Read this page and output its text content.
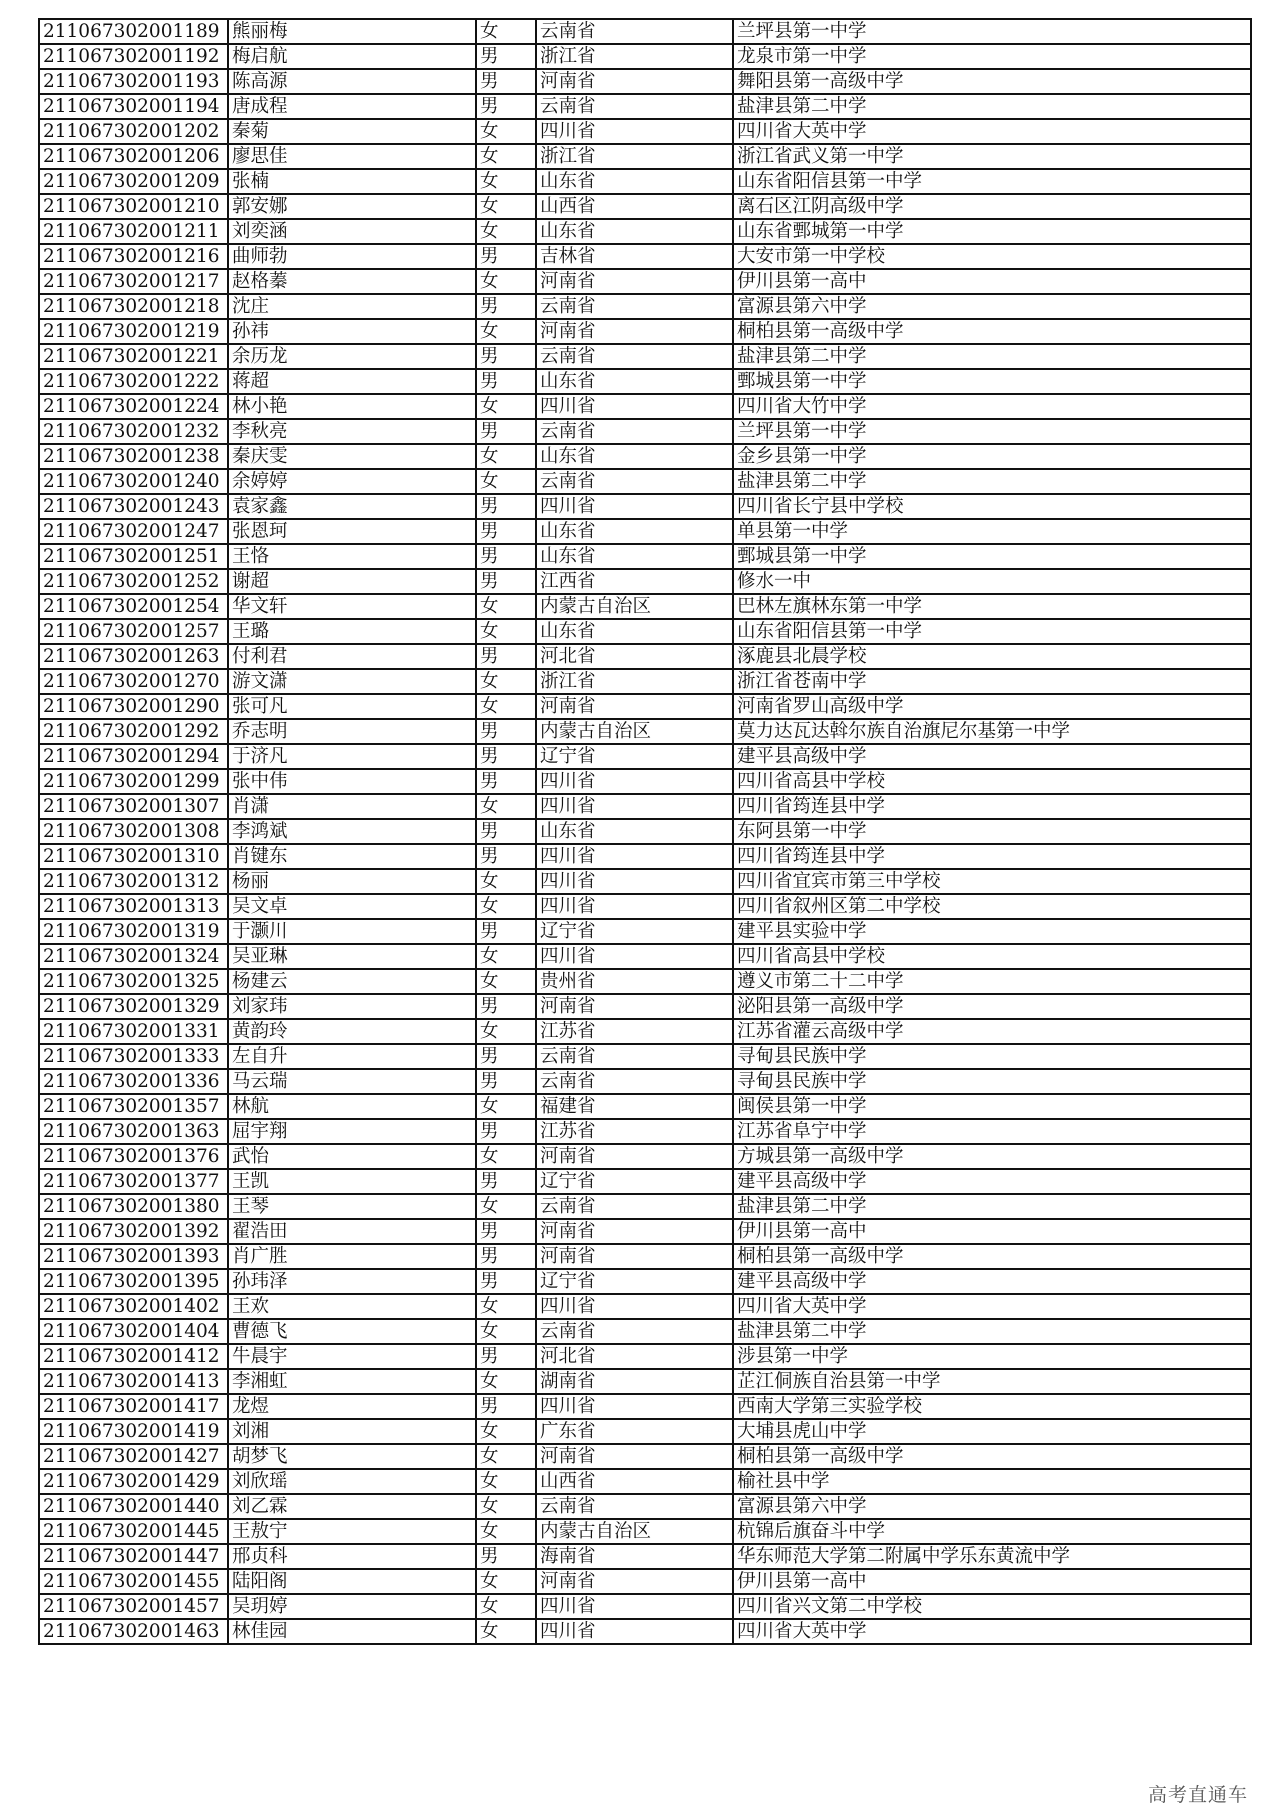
211067302001189	熊丽梅	女	云南省	兰坪县第一中学
211067302001192	梅启航	男	浙江省	龙泉市第一中学
211067302001193	陈高源	男	河南省	舞阳县第一高级中学
211067302001194	唐成程	男	云南省	盐津县第二中学
211067302001202	秦菊	女	四川省	四川省大英中学
211067302001206	廖思佳	女	浙江省	浙江省武义第一中学
211067302001209	张楠	女	山东省	山东省阳信县第一中学
211067302001210	郭安娜	女	山西省	离石区江阴高级中学
211067302001211	刘奕涵	女	山东省	山东省鄄城第一中学
211067302001216	曲师勃	男	吉林省	大安市第一中学校
211067302001217	赵格蓁	女	河南省	伊川县第一高中
211067302001218	沈庄	男	云南省	富源县第六中学
211067302001219	孙祎	女	河南省	桐柏县第一高级中学
211067302001221	余历龙	男	云南省	盐津县第二中学
211067302001222	蒋超	男	山东省	鄄城县第一中学
211067302001224	林小艳	女	四川省	四川省大竹中学
211067302001232	李秋亮	男	云南省	兰坪县第一中学
211067302001238	秦庆雯	女	山东省	金乡县第一中学
211067302001240	余婷婷	女	云南省	盐津县第二中学
211067302001243	袁家鑫	男	四川省	四川省长宁县中学校
211067302001247	张恩珂	男	山东省	单县第一中学
211067302001251	王恪	男	山东省	鄄城县第一中学
211067302001252	谢超	男	江西省	修水一中
211067302001254	华文轩	女	内蒙古自治区	巴林左旗林东第一中学
211067302001257	王璐	女	山东省	山东省阳信县第一中学
211067302001263	付利君	男	河北省	涿鹿县北晨学校
211067302001270	游文潇	女	浙江省	浙江省苍南中学
211067302001290	张可凡	女	河南省	河南省罗山高级中学
211067302001292	乔志明	男	内蒙古自治区	莫力达瓦达斡尔族自治旗尼尔基第一中学
211067302001294	于济凡	男	辽宁省	建平县高级中学
211067302001299	张中伟	男	四川省	四川省高县中学校
211067302001307	肖潇	女	四川省	四川省筠连县中学
211067302001308	李鸿斌	男	山东省	东阿县第一中学
211067302001310	肖键东	男	四川省	四川省筠连县中学
211067302001312	杨丽	女	四川省	四川省宜宾市第三中学校
211067302001313	吴文卓	女	四川省	四川省叙州区第二中学校
211067302001319	于灏川	男	辽宁省	建平县实验中学
211067302001324	吴亚琳	女	四川省	四川省高县中学校
211067302001325	杨建云	女	贵州省	遵义市第二十二中学
211067302001329	刘家玮	男	河南省	泌阳县第一高级中学
211067302001331	黄韵玲	女	江苏省	江苏省灌云高级中学
211067302001333	左自升	男	云南省	寻甸县民族中学
211067302001336	马云瑞	男	云南省	寻甸县民族中学
211067302001357	林航	女	福建省	闽侯县第一中学
211067302001363	屈宇翔	男	江苏省	江苏省阜宁中学
211067302001376	武怡	女	河南省	方城县第一高级中学
211067302001377	王凯	男	辽宁省	建平县高级中学
211067302001380	王琴	女	云南省	盐津县第二中学
211067302001392	翟浩田	男	河南省	伊川县第一高中
211067302001393	肖广胜	男	河南省	桐柏县第一高级中学
211067302001395	孙玮泽	男	辽宁省	建平县高级中学
211067302001402	王欢	女	四川省	四川省大英中学
211067302001404	曹德飞	女	云南省	盐津县第二中学
211067302001412	牛晨宇	男	河北省	涉县第一中学
211067302001413	李湘虹	女	湖南省	芷江侗族自治县第一中学
211067302001417	龙煜	男	四川省	西南大学第三实验学校
211067302001419	刘湘	女	广东省	大埔县虎山中学
211067302001427	胡梦飞	女	河南省	桐柏县第一高级中学
211067302001429	刘欣瑶	女	山西省	榆社县中学
211067302001440	刘乙霖	女	云南省	富源县第六中学
211067302001445	王敖宁	女	内蒙古自治区	杭锦后旗奋斗中学
211067302001447	邢贞科	男	海南省	华东师范大学第二附属中学乐东黄流中学
211067302001455	陆阳阁	女	河南省	伊川县第一高中
211067302001457	吴玥婷	女	四川省	四川省兴文第二中学校
211067302001463	林佳园	女	四川省	四川省大英中学
高考直通车
